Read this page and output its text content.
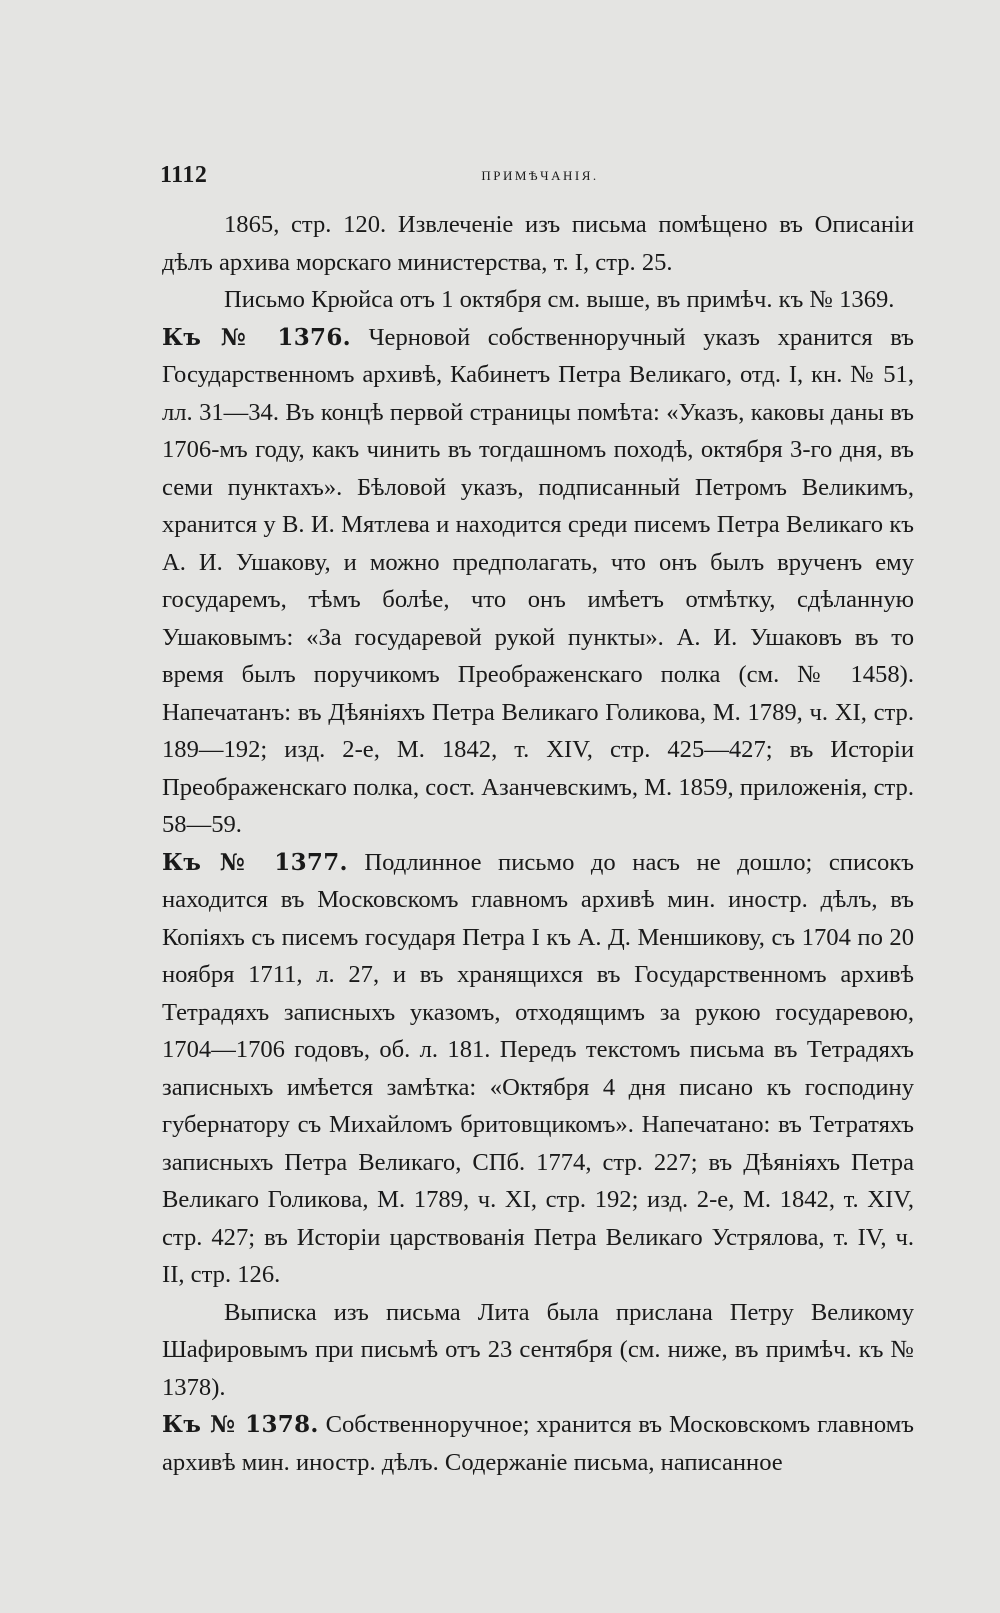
1112	ПРИМѢЧАНІЯ.

1865, стр. 120. Извлеченіе изъ письма помѣщено въ Описаніи дѣлъ архива морскаго министерства, т. I, стр. 25.

Письмо Крюйса отъ 1 октября см. выше, въ примѣч. къ № 1369.

Къ № 1376. Черновой собственноручный указъ хранится въ Государственномъ архивѣ, Кабинетъ Петра Великаго, отд. I, кн. № 51, лл. 31—34. Въ концѣ первой страницы помѣта: «Указъ, каковы даны въ 1706-мъ году, какъ чинить въ тогдашномъ походѣ, октября 3-го дня, въ семи пунктахъ». Бѣловой указъ, подписанный Петромъ Великимъ, хранится у В. И. Мятлева и находится среди писемъ Петра Великаго къ А. И. Ушакову, и можно предполагать, что онъ былъ врученъ ему государемъ, тѣмъ болѣе, что онъ имѣетъ отмѣтку, сдѣланную Ушаковымъ: «За государевой рукой пункты». А. И. Ушаковъ въ то время былъ поручикомъ Преображенскаго полка (см. № 1458). Напечатанъ: въ Дѣяніяхъ Петра Великаго Голикова, М. 1789, ч. XI, стр. 189—192; изд. 2-е, М. 1842, т. XIV, стр. 425—427; въ Исторіи Преображенскаго полка, сост. Азанчевскимъ, М. 1859, приложенія, стр. 58—59.

Къ № 1377. Подлинное письмо до насъ не дошло; списокъ находится въ Московскомъ главномъ архивѣ мин. иностр. дѣлъ, въ Копіяхъ съ писемъ государя Петра I къ А. Д. Меншикову, съ 1704 по 20 ноября 1711, л. 27, и въ хранящихся въ Государственномъ архивѣ Тетрадяхъ записныхъ указомъ, отходящимъ за рукою государевою, 1704—1706 годовъ, об. л. 181. Передъ текстомъ письма въ Тетрадяхъ записныхъ имѣется замѣтка: «Октября 4 дня писано къ господину губернатору съ Михайломъ бритовщикомъ». Напечатано: въ Тетратяхъ записныхъ Петра Великаго, СПб. 1774, стр. 227; въ Дѣяніяхъ Петра Великаго Голикова, М. 1789, ч. XI, стр. 192; изд. 2-е, М. 1842, т. XIV, стр. 427; въ Исторіи царствованія Петра Великаго Устрялова, т. IV, ч. II, стр. 126.

Выписка изъ письма Лита была прислана Петру Великому Шафировымъ при письмѣ отъ 23 сентября (см. ниже, въ примѣч. къ № 1378).

Къ № 1378. Собственноручное; хранится въ Московскомъ главномъ архивѣ мин. иностр. дѣлъ. Содержаніе письма, написанное
